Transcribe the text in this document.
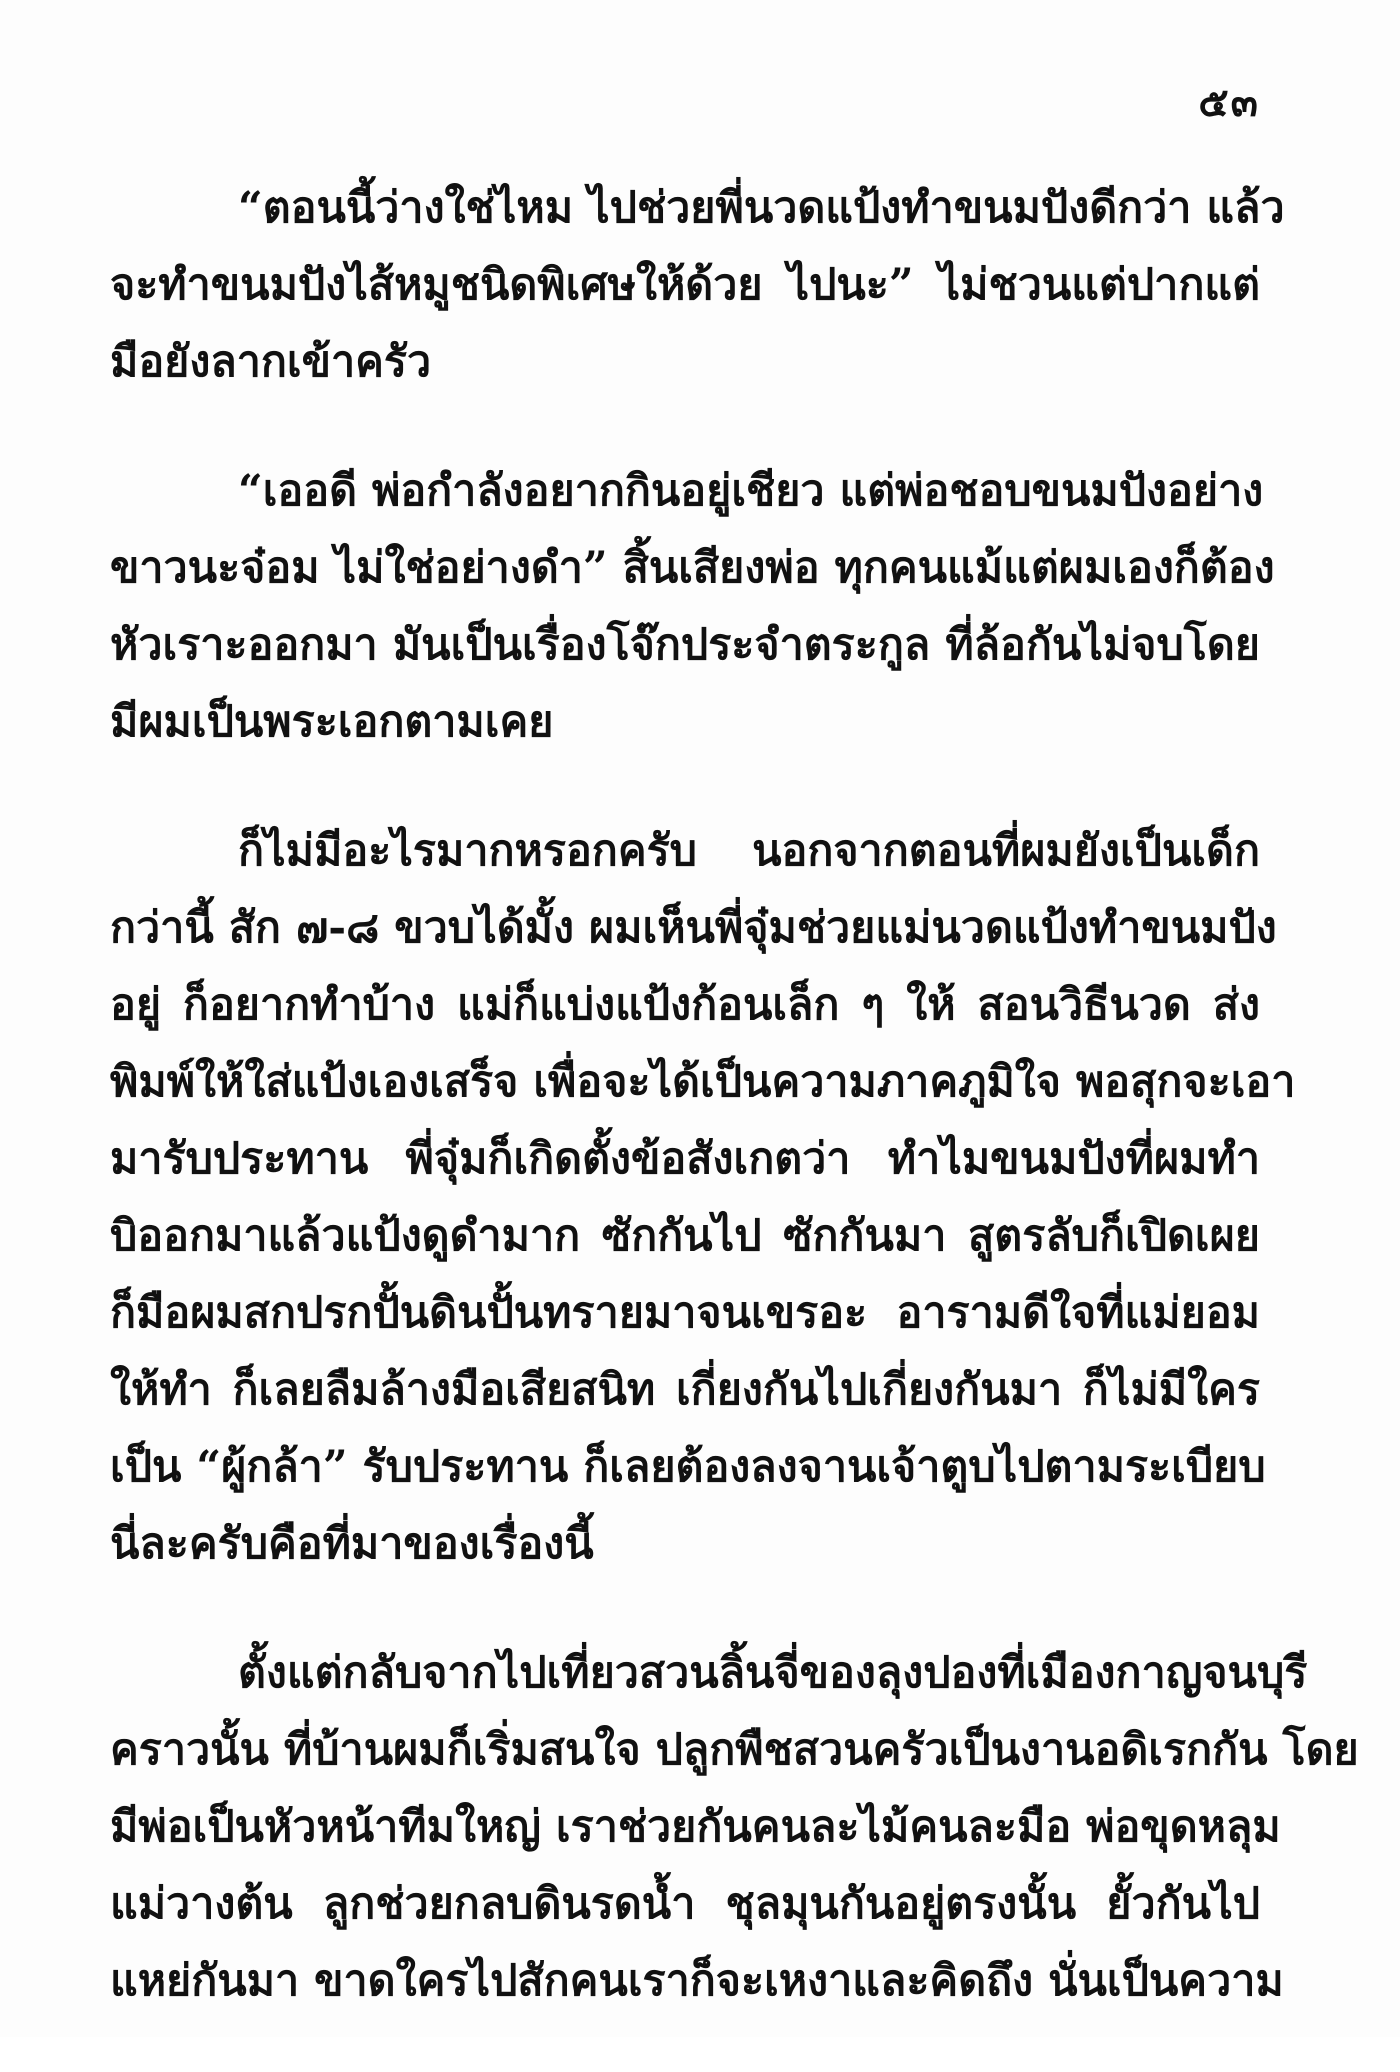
๕๓
“ตอนนี้ว่างใช่ไหม ไปช่วยพี่นวดแป้งทำขนมปังดีกว่า แล้ว
จะทำขนมปังไส้หมูชนิดพิเศษให้ด้วย ไปนะ” ไม่ชวนแต่ปากแต่
มือยังลากเข้าครัว
“เออดี พ่อกำลังอยากกินอยู่เชียว แต่พ่อชอบขนมปังอย่าง
ขาวนะจ๋อม ไม่ใช่อย่างดำ” สิ้นเสียงพ่อ ทุกคนแม้แต่ผมเองก็ต้อง
หัวเราะออกมา มันเป็นเรื่องโจ๊กประจำตระกูล ที่ล้อกันไม่จบโดย
มีผมเป็นพระเอกตามเคย
ก็ไม่มีอะไรมากหรอกครับ นอกจากตอนที่ผมยังเป็นเด็ก
กว่านี้ สัก ๗-๘ ขวบได้มั้ง ผมเห็นพี่จุ๋มช่วยแม่นวดแป้งทำขนมปัง
อยู่ ก็อยากทำบ้าง แม่ก็แบ่งแป้งก้อนเล็ก ๆ ให้ สอนวิธีนวด ส่ง
พิมพ์ให้ใส่แป้งเองเสร็จ เพื่อจะได้เป็นความภาคภูมิใจ พอสุกจะเอา
มารับประทาน พี่จุ๋มก็เกิดตั้งข้อสังเกตว่า ทำไมขนมปังที่ผมทำ
บิออกมาแล้วแป้งดูดำมาก ซักกันไป ซักกันมา สูตรลับก็เปิดเผย
ก็มือผมสกปรกปั้นดินปั้นทรายมาจนเขรอะ อารามดีใจที่แม่ยอม
ให้ทำ ก็เลยลืมล้างมือเสียสนิท เกี่ยงกันไปเกี่ยงกันมา ก็ไม่มีใคร
เป็น “ผู้กล้า” รับประทาน ก็เลยต้องลงจานเจ้าตูบไปตามระเบียบ
นี่ละครับคือที่มาของเรื่องนี้
ตั้งแต่กลับจากไปเที่ยวสวนลิ้นจี่ของลุงปองที่เมืองกาญจนบุรี
คราวนั้น ที่บ้านผมก็เริ่มสนใจ ปลูกพืชสวนครัวเป็นงานอดิเรกกัน โดย
มีพ่อเป็นหัวหน้าทีมใหญ่ เราช่วยกันคนละไม้คนละมือ พ่อขุดหลุม
แม่วางต้น ลูกช่วยกลบดินรดน้ำ ชุลมุนกันอยู่ตรงนั้น ยั้วกันไป
แหย่กันมา ขาดใครไปสักคนเราก็จะเหงาและคิดถึง นั่นเป็นความ
